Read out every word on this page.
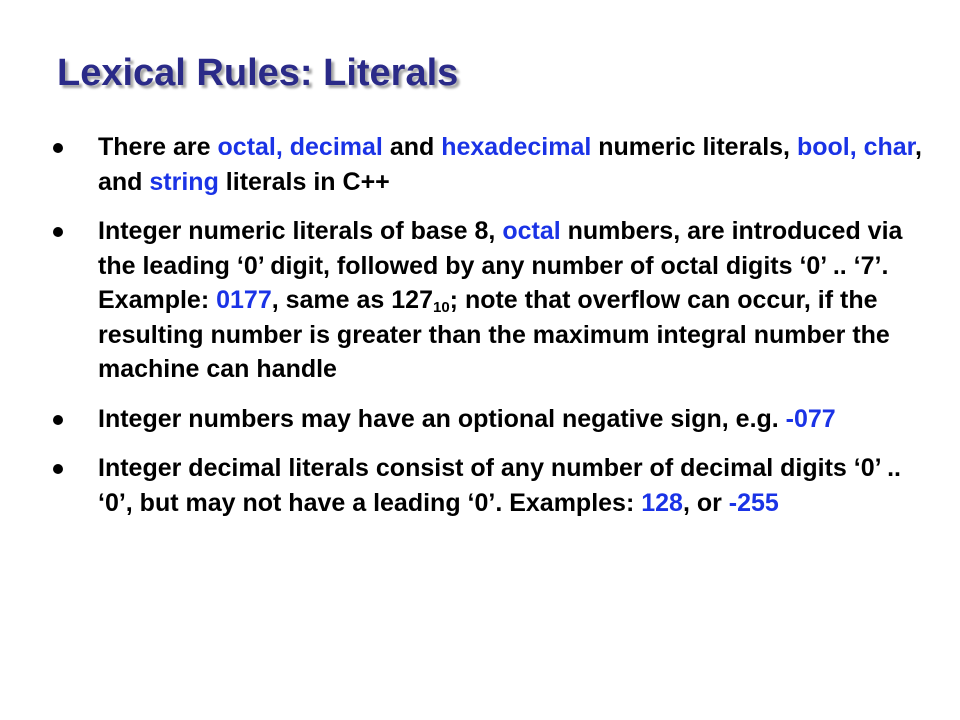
Lexical Rules: Literals
There are octal, decimal and hexadecimal numeric literals, bool, char, and string literals in C++
Integer numeric literals of base 8, octal numbers, are introduced via the leading ‘0’ digit, followed by any number of octal digits ‘0’ .. ‘7’. Example: 0177, same as $127_{10}$; note that overflow can occur, if the resulting number is greater than the maximum integral number the machine can handle
Integer numbers may have an optional negative sign, e.g. -077
Integer decimal literals consist of any number of decimal digits ‘0’ .. ‘0’, but may not have a leading ‘0’. Examples: 128, or -255
